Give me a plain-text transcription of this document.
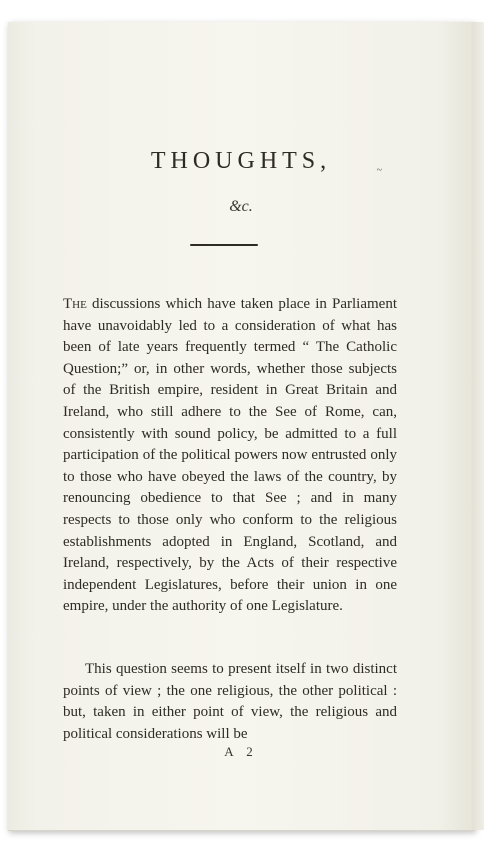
THOUGHTS,
&c.
~

The discussions which have taken place in Parliament have unavoidably led to a consideration of what has been of late years frequently termed “ The Catholic Question;” or, in other words, whether those subjects of the British empire, resident in Great Britain and Ireland, who still adhere to the See of Rome, can, consistently with sound policy, be admitted to a full participation of the political powers now entrusted only to those who have obeyed the laws of the country, by renouncing obedience to that See ; and in many respects to those only who conform to the religious establishments adopted in England, Scotland, and Ireland, respectively, by the Acts of their respective independent Legislatures, before their union in one empire, under the authority of one Legislature.

This question seems to present itself in two distinct points of view ; the one religious, the other political : but, taken in either point of view, the religious and political considerations will be

A 2
